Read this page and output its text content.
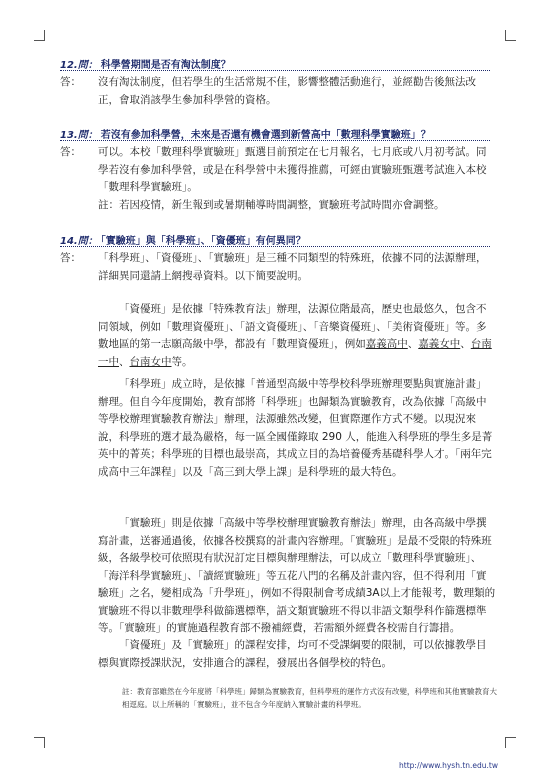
12.問： 科學營期間是否有淘汰制度？
答：	沒有淘汰制度，但若學生的生活常規不佳，影響整體活動進行，並經勸告後無法改正，會取消該學生參加科學營的資格。
13.問： 若沒有參加科學營，未來是否還有機會選到新營高中「數理科學實驗班」？
答：	可以。本校「數理科學實驗班」甄選目前預定在七月報名，七月底或八月初考試。同學若沒有參加科學營，或是在科學營中未獲得推薦，可經由實驗班甄選考試進入本校「數理科學實驗班」。

註：若因疫情，新生報到或暑期輔導時間調整，實驗班考試時間亦會調整。

14.問： 「實驗班」與「科學班」、「資優班」有何異同？
答：	「科學班」、「資優班」、「實驗班」是三種不同類型的特殊班，依據不同的法源辦理，詳細異同還請上網搜尋資料。以下簡要說明。
「資優班」是依據「特殊教育法」辦理，法源位階最高，歷史也最悠久，包含不同領域，例如「數理資優班」、「語文資優班」、「音樂資優班」、「美術資優班」等。多數地區的第一志願高級中學，都設有「數理資優班」，例如嘉義高中、嘉義女中、台南一中、台南女中等。
「科學班」成立時，是依據「普通型高級中等學校科學班辦理要點與實施計畫」辦理。但自今年度開始，教育部將「科學班」也歸類為實驗教育，改為依據「高級中等學校辦理實驗教育辦法」辦理，法源雖然改變，但實際運作方式不變。以現況來說，科學班的選才最為嚴格，每一區全國僅錄取 290 人，能進入科學班的學生多是菁英中的菁英；科學班的目標也最崇高，其成立目的為培養優秀基礎科學人才。「兩年完成高中三年課程」以及「高三到大學上課」是科學班的最大特色。
「實驗班」則是依據「高級中等學校辦理實驗教育辦法」辦理，由各高級中學撰寫計畫，送審通過後，依據各校撰寫的計畫內容辦理。「實驗班」是最不受限的特殊班級，各級學校可依照現有狀況訂定目標與辦理辦法，可以成立「數理科學實驗班」、「海洋科學實驗班」、「讀經實驗班」等五花八門的名稱及計畫內容，但不得利用「實驗班」之名，變相成為「升學班」，例如不得限制會考成績3A以上才能報考，數理類的實驗班不得以非數理學科做篩選標準，語文類實驗班不得以非語文類學科作篩選標準等。「實驗班」的實施過程教育部不撥補經費，若需額外經費各校需自行籌措。
「資優班」及「實驗班」的課程安排，均可不受課綱要的限制，可以依據教學目標與實際授課狀況，安排適合的課程，發展出各個學校的特色。
註：教育部雖然在今年度將「科學班」歸類為實驗教育，但科學班的運作方式沒有改變，科學班和其他實驗教育大相逕庭。以上所稱的「實驗班」，並不包含今年度納入實驗計畫的科學班。
http://www.hysh.tn.edu.tw
